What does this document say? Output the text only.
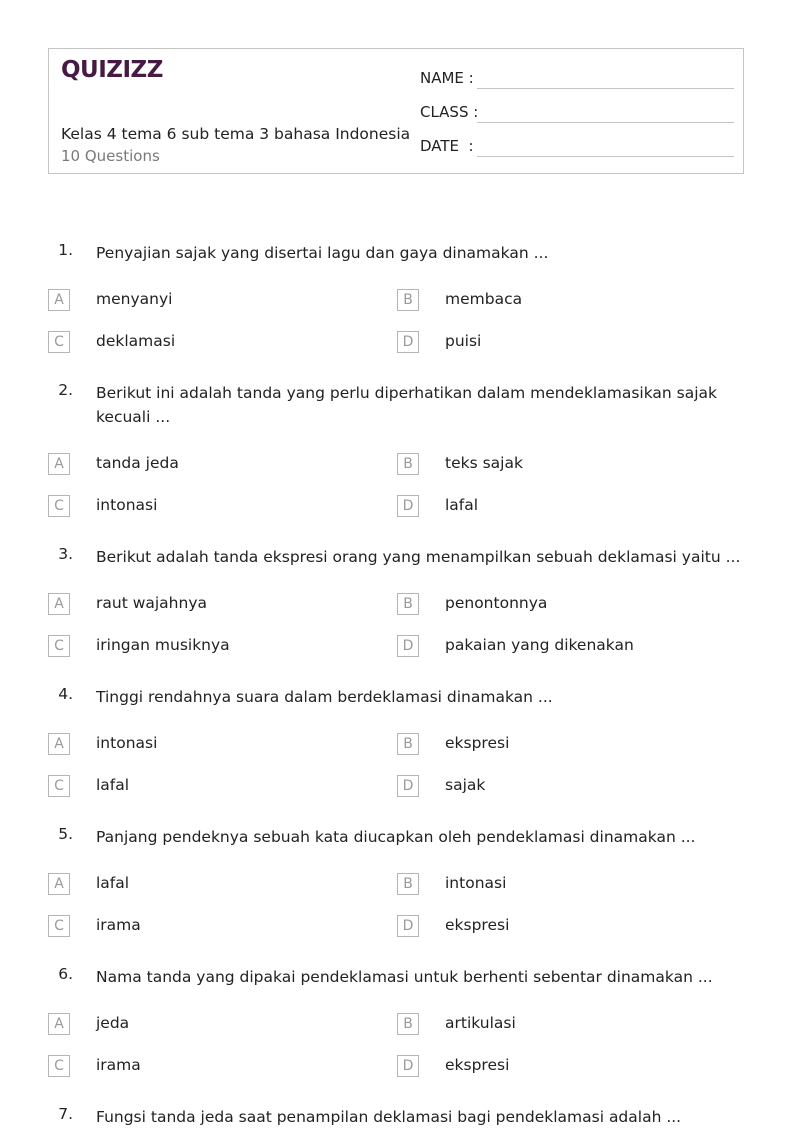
QUIZIZZ
Kelas 4 tema 6 sub tema 3 bahasa Indonesia
10 Questions
NAME :
CLASS :
DATE  :
1. Penyajian sajak yang disertai lagu dan gaya dinamakan ...
A	menyanyi	B	membaca
C	deklamasi	D	puisi
2. Berikut ini adalah tanda yang perlu diperhatikan dalam mendeklamasikan sajak kecuali ...
A	tanda jeda	B	teks sajak
C	intonasi	D	lafal
3. Berikut adalah tanda ekspresi orang yang menampilkan sebuah deklamasi yaitu ...
A	raut wajahnya	B	penontonnya
C	iringan musiknya	D	pakaian yang dikenakan
4. Tinggi rendahnya suara dalam berdeklamasi dinamakan ...
A	intonasi	B	ekspresi
C	lafal	D	sajak
5. Panjang pendeknya sebuah kata diucapkan oleh pendeklamasi dinamakan ...
A	lafal	B	intonasi
C	irama	D	ekspresi
6. Nama tanda yang dipakai pendeklamasi untuk berhenti sebentar dinamakan ...
A	jeda	B	artikulasi
C	irama	D	ekspresi
7. Fungsi tanda jeda saat penampilan deklamasi bagi pendeklamasi adalah ...
